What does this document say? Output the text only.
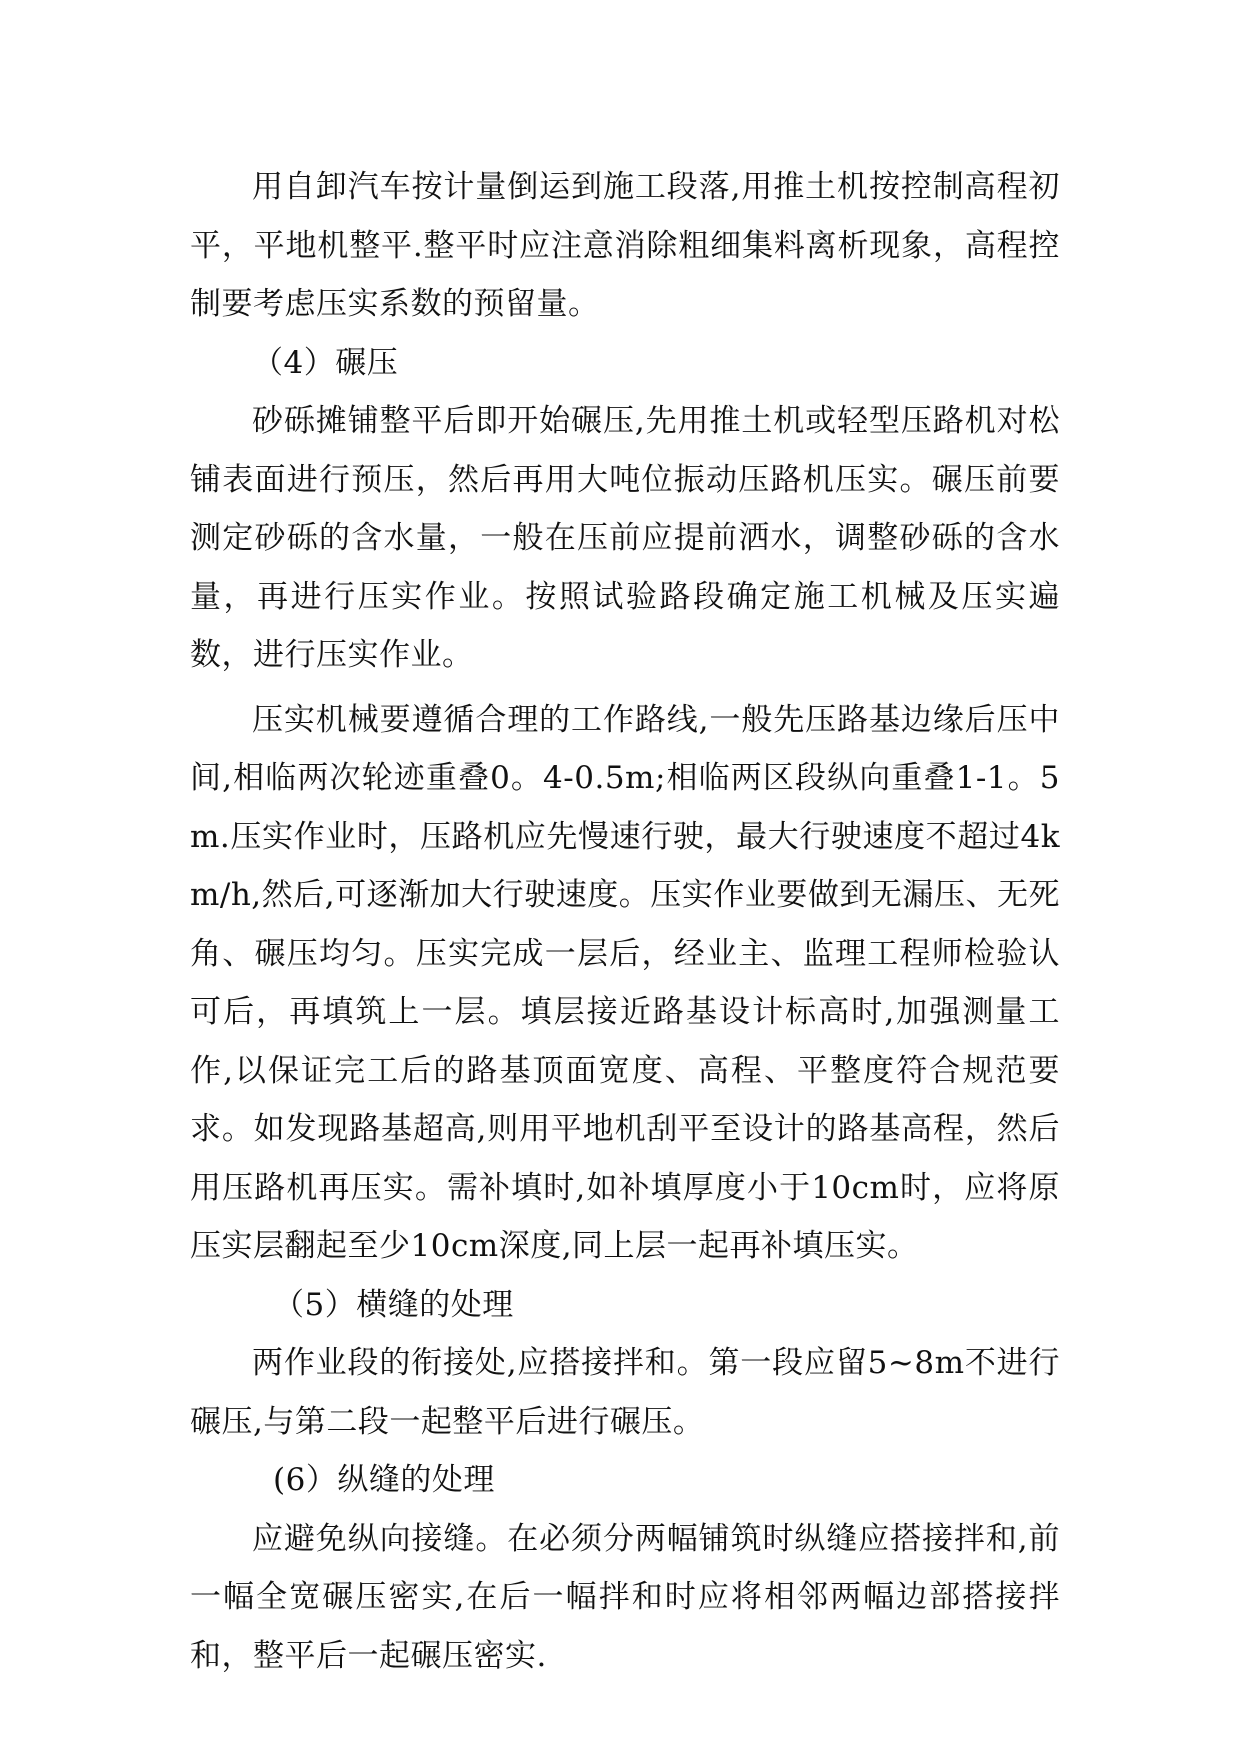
用自卸汽车按计量倒运到施工段落,用推土机按控制高程初平，平地机整平.整平时应注意消除粗细集料离析现象，高程控制要考虑压实系数的预留量。

（4）碾压

砂砾摊铺整平后即开始碾压,先用推土机或轻型压路机对松铺表面进行预压，然后再用大吨位振动压路机压实。碾压前要测定砂砾的含水量，一般在压前应提前洒水，调整砂砾的含水量，再进行压实作业。按照试验路段确定施工机械及压实遍数，进行压实作业。

压实机械要遵循合理的工作路线,一般先压路基边缘后压中间,相临两次轮迹重叠0。4-0.5m;相临两区段纵向重叠1-1。5m.压实作业时，压路机应先慢速行驶，最大行驶速度不超过4km/h,然后,可逐渐加大行驶速度。压实作业要做到无漏压、无死角、碾压均匀。压实完成一层后，经业主、监理工程师检验认可后，再填筑上一层。填层接近路基设计标高时,加强测量工作,以保证完工后的路基顶面宽度、高程、平整度符合规范要求。如发现路基超高,则用平地机刮平至设计的路基高程，然后用压路机再压实。需补填时,如补填厚度小于10cm时，应将原压实层翻起至少10cm深度,同上层一起再补填压实。

（5）横缝的处理

两作业段的衔接处,应搭接拌和。第一段应留5~8m不进行碾压,与第二段一起整平后进行碾压。

(6）纵缝的处理

应避免纵向接缝。在必须分两幅铺筑时纵缝应搭接拌和,前一幅全宽碾压密实,在后一幅拌和时应将相邻两幅边部搭接拌和，整平后一起碾压密实.
